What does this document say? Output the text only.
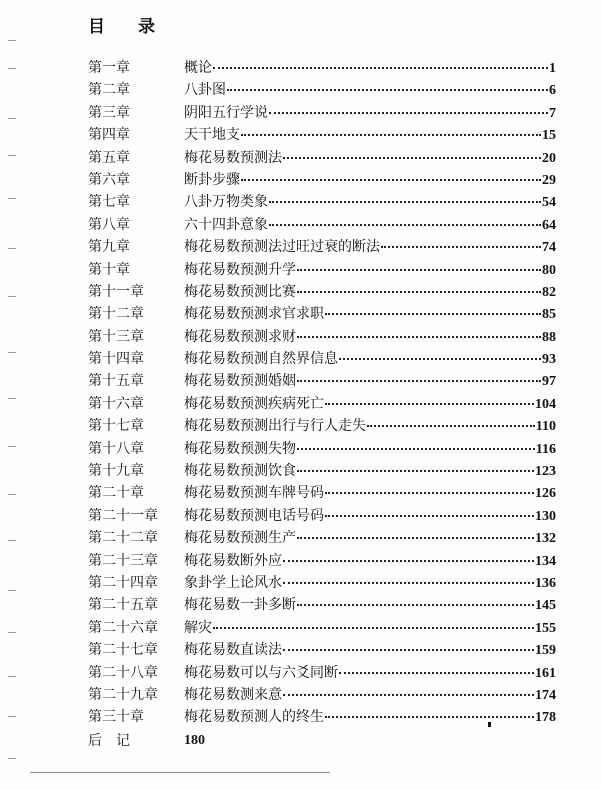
目 录
第一章	概论	1
第二章	八卦图	6
第三章	阴阳五行学说	7
第四章	天干地支	15
第五章	梅花易数预测法	20
第六章	断卦步骤	29
第七章	八卦万物类象	54
第八章	六十四卦意象	64
第九章	梅花易数预测法过旺过衰的断法	74
第十章	梅花易数预测升学	80
第十一章	梅花易数预测比赛	82
第十二章	梅花易数预测求官求职	85
第十三章	梅花易数预测求财	88
第十四章	梅花易数预测自然界信息	93
第十五章	梅花易数预测婚姻	97
第十六章	梅花易数预测疾病死亡	104
第十七章	梅花易数预测出行与行人走失	110
第十八章	梅花易数预测失物	116
第十九章	梅花易数预测饮食	123
第二十章	梅花易数预测车牌号码	126
第二十一章 梅花易数预测电话号码	130
第二十二章 梅花易数预测生产	132
第二十三章 梅花易数断外应	134
第二十四章 象卦学上论风水	136
第二十五章 梅花易数一卦多断	145
第二十六章 解灾	155
第二十七章 梅花易数直读法	159
第二十八章 梅花易数可以与六爻同断	161
第二十九章 梅花易数测来意	174
第三十章	梅花易数预测人的终生	178
后　记	180
